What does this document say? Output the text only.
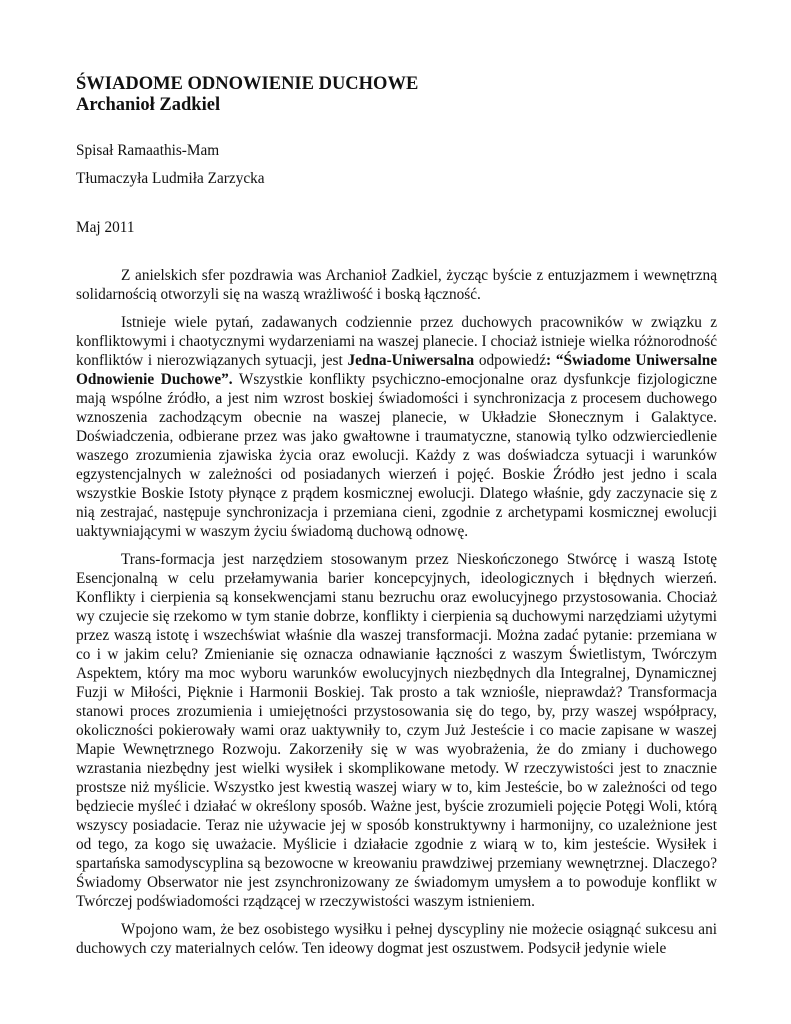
ŚWIADOME ODNOWIENIE DUCHOWE
Archanioł Zadkiel

Spisał Ramaathis-Mam

Tłumaczyła Ludmiła Zarzycka

Maj 2011

Z anielskich sfer pozdrawia was Archanioł Zadkiel, życząc byście z entuzjazmem i wewnętrzną solidarnością otworzyli się na waszą wrażliwość i boską łączność.

Istnieje wiele pytań, zadawanych codziennie przez duchowych pracowników w związku z konfliktowymi i chaotycznymi wydarzeniami na waszej planecie. I chociaż istnieje wielka różnorodność konfliktów i nierozwiązanych sytuacji, jest Jedna-Uniwersalna odpowiedź: “Świadome Uniwersalne Odnowienie Duchowe”. Wszystkie konflikty psychiczno-emocjonalne oraz dysfunkcje fizjologiczne mają wspólne źródło, a jest nim wzrost boskiej świadomości i synchronizacja z procesem duchowego wznoszenia zachodzącym obecnie na waszej planecie, w Układzie Słonecznym i Galaktyce. Doświadczenia, odbierane przez was jako gwałtowne i traumatyczne, stanowią tylko odzwierciedlenie waszego zrozumienia zjawiska życia oraz ewolucji. Każdy z was doświadcza sytuacji i warunków egzystencjalnych w zależności od posiadanych wierzeń i pojęć. Boskie Źródło jest jedno i scala wszystkie Boskie Istoty płynące z prądem kosmicznej ewolucji. Dlatego właśnie, gdy zaczynacie się z nią zestrajać, następuje synchronizacja i przemiana cieni, zgodnie z archetypami kosmicznej ewolucji uaktywniającymi w waszym życiu świadomą duchową odnowę.

Trans-formacja jest narzędziem stosowanym przez Nieskończonego Stwórcę i waszą Istotę Esencjonalną w celu przełamywania barier koncepcyjnych, ideologicznych i błędnych wierzeń. Konflikty i cierpienia są konsekwencjami stanu bezruchu oraz ewolucyjnego przystosowania. Chociaż wy czujecie się rzekomo w tym stanie dobrze, konflikty i cierpienia są duchowymi narzędziami użytymi przez waszą istotę i wszechświat właśnie dla waszej transformacji. Można zadać pytanie: przemiana w co i w jakim celu? Zmienianie się oznacza odnawianie łączności z waszym Świetlistym, Twórczym Aspektem, który ma moc wyboru warunków ewolucyjnych niezbędnych dla Integralnej, Dynamicznej Fuzji w Miłości, Pięknie i Harmonii Boskiej. Tak prosto a tak wzniośle, nieprawdaż? Transformacja stanowi proces zrozumienia i umiejętności przystosowania się do tego, by, przy waszej współpracy, okoliczności pokierowały wami oraz uaktywniły to, czym Już Jesteście i co macie zapisane w waszej Mapie Wewnętrznego Rozwoju. Zakorzeniły się w was wyobrażenia, że do zmiany i duchowego wzrastania niezbędny jest wielki wysiłek i skomplikowane metody. W rzeczywistości jest to znacznie prostsze niż myślicie. Wszystko jest kwestią waszej wiary w to, kim Jesteście, bo w zależności od tego będziecie myśleć i działać w określony sposób. Ważne jest, byście zrozumieli pojęcie Potęgi Woli, którą wszyscy posiadacie. Teraz nie używacie jej w sposób konstruktywny i harmonijny, co uzależnione jest od tego, za kogo się uważacie. Myślicie i działacie zgodnie z wiarą w to, kim jesteście. Wysiłek i spartańska samodyscyplina są bezowocne w kreowaniu prawdziwej przemiany wewnętrznej. Dlaczego? Świadomy Obserwator nie jest zsynchronizowany ze świadomym umysłem a to powoduje konflikt w Twórczej podświadomości rządzącej w rzeczywistości waszym istnieniem.

Wpojono wam, że bez osobistego wysiłku i pełnej dyscypliny nie możecie osiągnąć sukcesu ani duchowych czy materialnych celów. Ten ideowy dogmat jest oszustwem. Podsycił jedynie wiele
